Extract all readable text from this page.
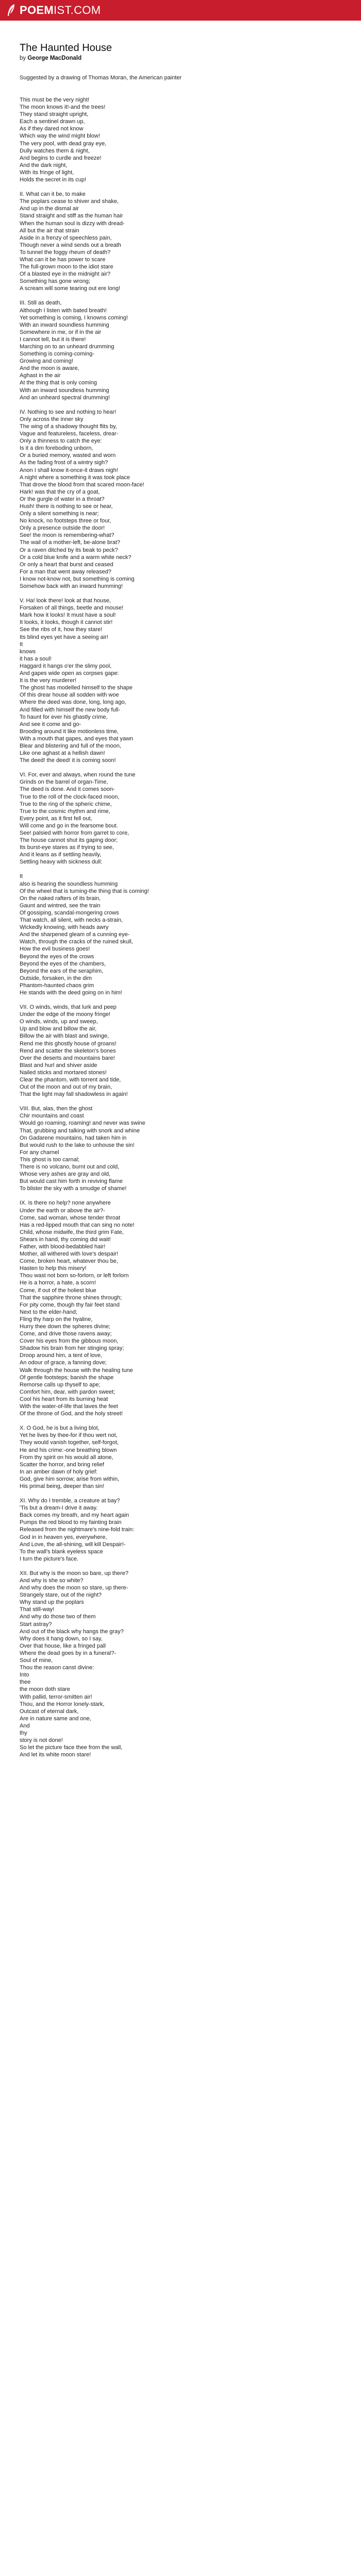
POEMIST.COM
The Haunted House
by George MacDonald
Suggested by a drawing of Thomas Moran, the American painter
This must be the very night!
The moon knows it!-and the trees!
They stand straight upright,
Each a sentinel drawn up,
As if they dared not know
Which way the wind might blow!
The very pool, with dead gray eye,
Dully watches them & night,
And begins to curdle and freeze!
And the dark night,
With its fringe of light,
Holds the secret in its cup!
II. What can it be, to make
The poplars cease to shiver and shake,
And up in the dismal air
Stand straight and stiff as the human hair
When the human soul is dizzy with dread-
All but the air that strain
Aside in a frenzy of speechless pain,
Though never a wind sends out a breath
To tunnel the foggy rheum of death?
What can it be has power to scare
The full-grown moon to the idiot stare
Of a blasted eye in the midnight air?
Something has gone wrong;
A scream will some tearing out ere long!
III. Still as death,
Although I listen with bated breath!
Yet something is coming, I knowns coming!
With an inward soundless humming
Somewhere in me, or if in the air
I cannot tell, but it is there!
Marching on to an unheard drumming
Something is coming-coming-
Growing and coming!
And the moon is aware,
Aghast in the air
At the thing that is only coming
With an inward soundless humming
And an unheard spectral drumming!
IV. Nothing to see and nothing to hear!
Only across the inner sky
The wing of a shadowy thought flits by,
Vague and featureless, faceless, drear-
Only a thinness to catch the eye:
Is it a dim foreboding unborn,
Or a buried memory, wasted and worn
As the fading frost of a wintry sigh?
Anon I shall know it-once-it draws nigh!
A night where a something it was took place
That drove the blood from that scared moon-face!
Hark! was that the cry of a goat,
Or the gurgle of water in a throat?
Hush! there is nothing to see or hear,
Only a silent something is near;
No knock, no footsteps three or four,
Only a presence outside the door!
See! the moon is remembering-what?
The wail of a mother-left, be-alone brat?
Or a raven ditched by its beak to peck?
Or a cold blue knife and a warm white neck?
Or only a heart that burst and ceased
For a man that went away released?
I know not-know not, but something is coming
Somehow back with an inward humming!
V. Ha! look there! look at that house,
Forsaken of all things, beetle and mouse!
Mark how it looks! It must have a soul!
It looks, it looks, though it cannot stir!
See the ribs of it, how they stare!
Its blind eyes yet have a seeing air!
It
knows
it has a soul!
Haggard it hangs o'er the slimy pool,
And gapes wide open as corpses gape:
It is the very murderer!
The ghost has modelled himself to the shape
Of this drear house all sodden with woe
Where the deed was done, long, long ago,
And filled with himself the new body full-
To haunt for ever his ghastly crime,
And see it come and go-
Brooding around it like motionless time,
With a mouth that gapes, and eyes that yawn
Blear and blistering and full of the moon,
Like one aghast at a hellish dawn!
The deed! the deed! it is coming soon!
VI. For, ever and always, when round the tune
Grinds on the barrel of organ-Time,
The deed is done. And it comes soon-
True to the roll of the clock-faced moon,
True to the ring of the spheric chime,
True to the cosmic rhythm and rime,
Every point, as it first fell out,
Will come and go in the fearsome bout.
See! palsied with horror from garret to core,
The house cannot shut its gaping door;
Its burst-eye stares as if trying to see,
And it leans as if settling heavily,
Settling heavy with sickness dull:
It
also is hearing the soundless humming
Of the wheel that is turning-the thing that is coming!
On the naked rafters of its brain,
Gaunt and wintred, see the train
Of gossiping, scandal-mongering crows
That watch, all silent, with necks a-strain,
Wickedly knowing, with heads awry
And the sharpened gleam of a cunning eye-
Watch, through the cracks of the ruined skull,
How the evil business goes!
Beyond the eyes of the crows
Beyond the eyes of the chambers,
Beyond the ears of the seraphim,
Outside, forsaken, in the dim
Phantom-haunted chaos grim
He stands with the deed going on in him!
VII. O winds, winds, that lurk and peep
Under the edge of the moony fringe!
O winds, winds, up and sweep,
Up and blow and billow the air,
Billow the air with blast and swinge,
Rend me this ghostly house of groans!
Rend and scatter the skeleton's bones
Over the deserts and mountains bare!
Blast and hurl and shiver aside
Nailed sticks and mortared stones!
Clear the phantom, with torrent and tide,
Out of the moon and out of my brain,
That the light may fall shadowless in again!
VIII. But, alas, then the ghost
Chir mountains and coast
Would go roaming, roaming! and never was swine
That, grubbing and talking with snork and whine
On Gadarene mountains, had taken him in
But would rush to the lake to unhouse the sin!
For any charnel
This ghost is too carnal;
There is no volcano, burnt out and cold,
Whose very ashes are gray and old,
But would cast him forth in reviving flame
To blister the sky with a smudge of shame!
IX. Is there no help? none anywhere
Under the earth or above the air?-
Come, sad woman, whose tender throat
Has a red-lipped mouth that can sing no note!
Child, whose midwife, the third grim Fate,
Shears in hand, thy coming did wait!
Father, with blood-bedabbled hair!
Mother, all withered with love's despair!
Come, broken heart, whatever thou be,
Hasten to help this misery!
Thou wast not born so-forlorn, or left forlorn
He is a horror, a hate, a scorn!
Come, if out of the holiest blue
That the sapphire throne shines through;
For pity come, though thy fair feet stand
Next to the elder-hand;
Fling thy harp on the hyaline,
Hurry thee down the spheres divine;
Come, and drive those ravens away;
Cover his eyes from the gibbous moon,
Shadow his brain from her stinging spray;
Droop around him, a tent of love,
An odour of grace, a fanning dove;
Walk through the house with the healing tune
Of gentle footsteps; banish the shape
Remorse calls up thyself to ape;
Comfort him, dear, with pardon sweet;
Cool his heart from its burning heat
With the water-of-life that laves the feet
Of the throne of God, and the holy street!
X. O God, he is but a living blot,
Yet he lives by thee-for if thou wert not,
They would vanish together, self-forgot,
He and his crime:-one breathing blown
From thy spirit on his would all atone,
Scatter the horror, and bring relief
In an amber dawn of holy grief:
God, give him sorrow; arise from within,
His primal being, deeper than sin!
XI. Why do I tremble, a creature at bay?
'Tis but a dream-I drive it away.
Back comes my breath, and my heart again
Pumps the red blood to my fainting brain
Released from the nightmare's nine-fold train:
God in in heaven yes, everywhere,
And Love, the all-shining, will kill Despair!-
To the wall's blank eyeless space
I turn the picture's face.
XII. But why is the moon so bare, up there?
And why is she so white?
And why does the moon so stare, up there-
Strangely stare, out of the night?
Why stand up the poplars
That still-way!
And why do those two of them
Start astray?
And out of the black why hangs the gray?
Why does it hang down, so I say,
Over that house, like a fringed pall
Where the dead goes by in a funeral?-
Soul of mine,
Thou the reason canst divine:
Into
thee
the moon doth stare
With pallid, terror-smitten air!
Thou, and the Horror lonely-stark,
Outcast of eternal dark,
Are in nature same and one,
And
thy
story is not done!
So let the picture face thee from the wall,
And let its white moon stare!
